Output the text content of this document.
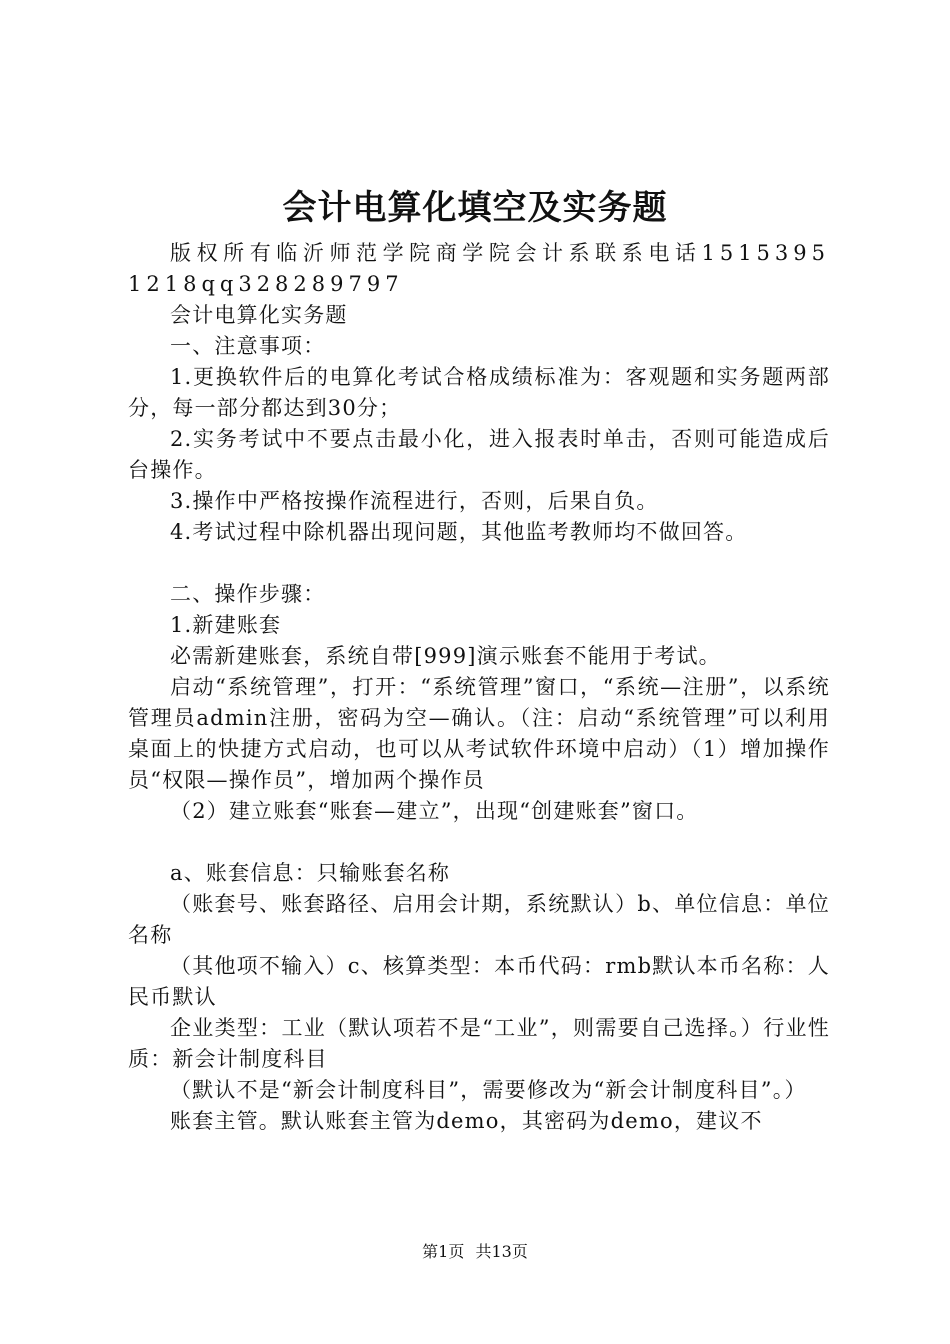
会计电算化填空及实务题

版权所有临沂师范学院商学院会计系联系电话15153951218qq328289797

会计电算化实务题

一、注意事项：

1.更换软件后的电算化考试合格成绩标准为：客观题和实务题两部分，每一部分都达到30分；

2.实务考试中不要点击最小化，进入报表时单击，否则可能造成后台操作。

3.操作中严格按操作流程进行，否则，后果自负。

4.考试过程中除机器出现问题，其他监考教师均不做回答。

二、操作步骤：

1.新建账套

必需新建账套，系统自带[999]演示账套不能用于考试。

启动“系统管理”，打开：“系统管理”窗口，“系统—注册”，以系统管理员admin注册，密码为空—确认。（注：启动“系统管理”可以利用桌面上的快捷方式启动，也可以从考试软件环境中启动）（1）增加操作员“权限—操作员”，增加两个操作员

（2）建立账套“账套—建立”，出现“创建账套”窗口。

a、账套信息：只输账套名称

（账套号、账套路径、启用会计期，系统默认）b、单位信息：单位名称

（其他项不输入）c、核算类型：本币代码：rmb默认本币名称：人民币默认

企业类型：工业（默认项若不是“工业”，则需要自己选择。）行业性质：新会计制度科目

（默认不是“新会计制度科目”，需要修改为“新会计制度科目”。）

账套主管。默认账套主管为demo，其密码为demo，建议不

第1页 共13页
